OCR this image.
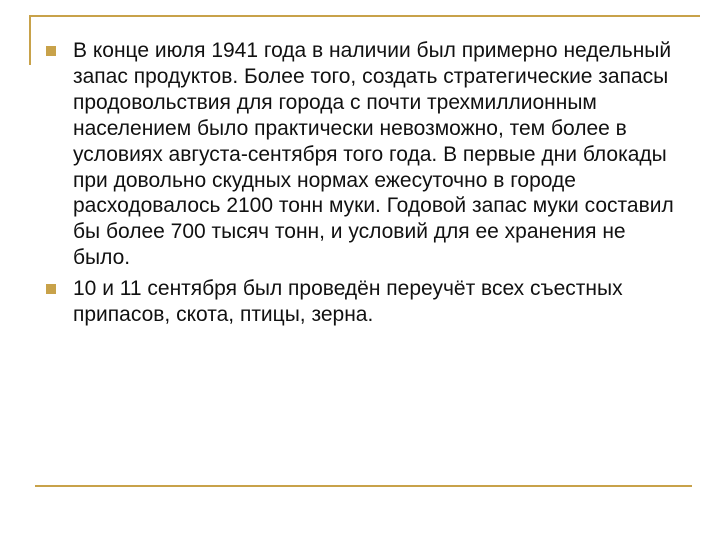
В конце июля 1941 года в наличии был примерно недельный запас продуктов. Более того, создать стратегические запасы продовольствия для города с почти трехмиллионным населением было практически невозможно, тем более в условиях августа-сентября того года. В первые дни блокады при довольно скудных нормах ежесуточно в городе расходовалось 2100 тонн муки. Годовой запас муки составил бы более 700 тысяч тонн, и условий для ее хранения не было.
10 и 11 сентября был проведён переучёт всех съестных припасов, скота, птицы, зерна.
